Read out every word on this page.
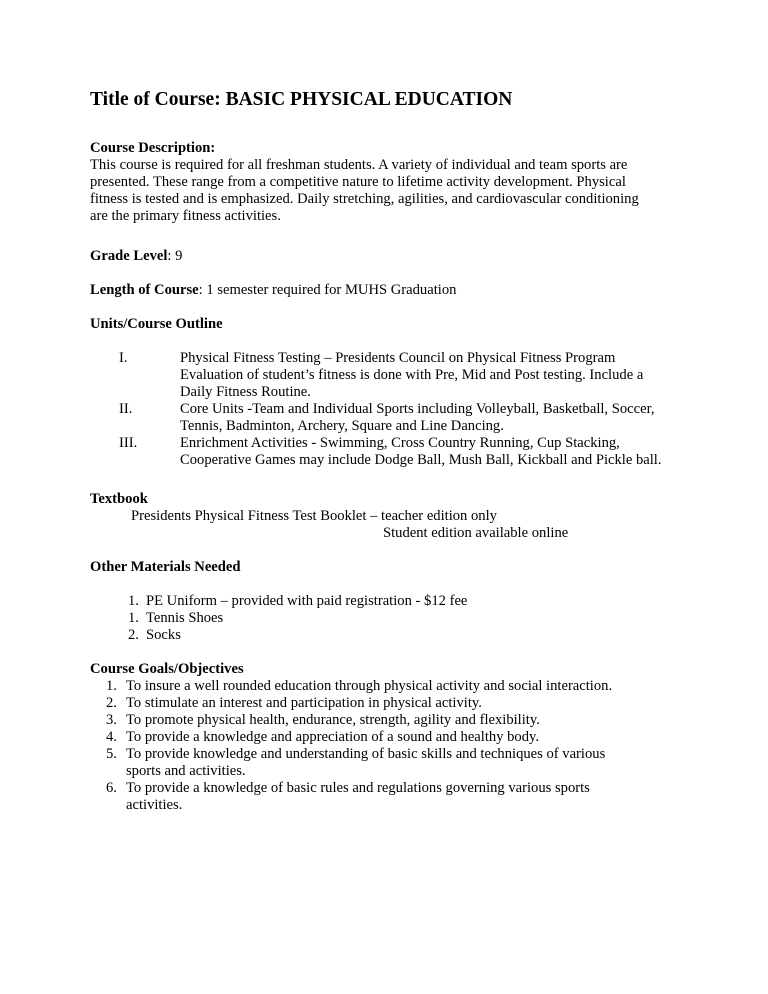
Title of Course: BASIC PHYSICAL EDUCATION
Course Description:
This course is required for all freshman students. A variety of individual and team sports are
presented. These range from a competitive nature to lifetime activity development. Physical
fitness is tested and is emphasized. Daily stretching, agilities, and cardiovascular conditioning
are the primary fitness activities.
Grade Level: 9
Length of Course: 1 semester required for MUHS Graduation
Units/Course Outline
I.	Physical Fitness Testing – Presidents Council on Physical Fitness Program
Evaluation of student’s fitness is done with Pre, Mid and Post testing. Include a
Daily Fitness Routine.
II.	Core Units -Team and Individual Sports including Volleyball, Basketball, Soccer,
Tennis, Badminton, Archery, Square and Line Dancing.
III.	Enrichment Activities - Swimming, Cross Country Running, Cup Stacking,
Cooperative Games may include Dodge Ball, Mush Ball, Kickball and Pickle ball.
Textbook
Presidents Physical Fitness Test Booklet – teacher edition only
Student edition available online
Other Materials Needed
1. PE Uniform – provided with paid registration - $12 fee
1. Tennis Shoes
2. Socks
Course Goals/Objectives
1. To insure a well rounded education through physical activity and social interaction.
2. To stimulate an interest and participation in physical activity.
3. To promote physical health, endurance, strength, agility and flexibility.
4. To provide a knowledge and appreciation of a sound and healthy body.
5. To provide knowledge and understanding of basic skills and techniques of various
sports and activities.
6. To provide a knowledge of basic rules and regulations governing various sports
activities.
